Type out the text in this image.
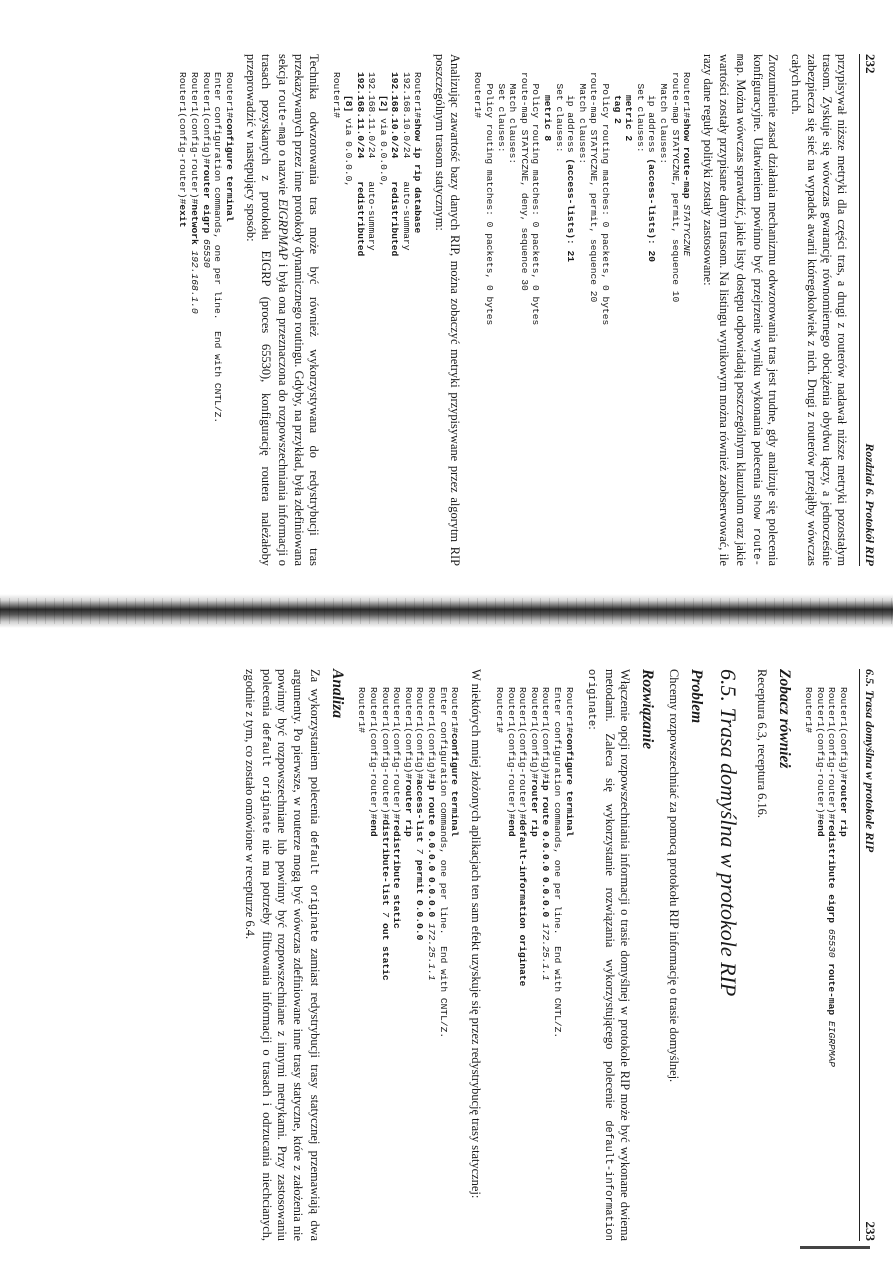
232
Rozdział 6. Protokół RIP

przypisywał niższe metryki dla części tras, a drugi z routerów nadawał niższe metryki pozostałym trasom. Zyskuje się wówczas gwarancję równomiernego obciążenia obydwu łączy, a jednocześnie zabezpiecza się sieć na wypadek awarii któregokolwiek z nich. Drugi z routerów przejąłby wówczas całych ruch.

Zrozumienie zasad działania mechanizmu odwzorowania tras jest trudne, gdy analizuje się polecenia konfiguracyjne. Ułatwieniem powinno być przejrzenie wyniku wykonania polecenia show route-map. Można wówczas sprawdzić, jakie listy dostępu odpowiadają poszczególnym klauzulom oraz jakie wartości zostały przypisane danym trasom. Na listingu wynikowym można również zaobserwować, ile razy dane reguły polityki zostały zastosowane:

Router1#show route-map STATYCZNE
route-map STATYCZNE, permit, sequence 10
Match clauses:
ip address (access-lists): 20
Set clauses:
metric 2
tag 2
Policy routing matches: 0 packets, 0 bytes
route-map STATYCZNE, permit, sequence 20
Match clauses:
ip address (access-lists): 21
Set clauses:
metric 8
Policy routing matches: 0 packets, 0 bytes
route-map STATYCZNE, deny, sequence 30
Match clauses:
Set clauses:
Policy routing matches: 0 packets, 0 bytes
Router1#

Analizując zawartość bazy danych RIP, można zobaczyć metryki przypisywane przez algorytm RIP poszczególnym trasom statycznym:

Router1#show ip rip database
192.168.10.0/24    auto-summary
192.168.10.0/24    redistributed
[2] via 0.0.0.0,
192.168.11.0/24    auto-summary
192.168.11.0/24    redistributed
[8] via 0.0.0.0,
Router1#

Technika odwzorowania tras może być również wykorzystywana do redystrybucji tras przekazywanych przez inne protokoły dynamicznego routingu. Gdyby, na przykład, była zdefiniowana sekcja route-map o nazwie EIGRPMAP i była ona przeznaczona do rozpowszechniania informacji o trasach pozyskanych z protokołu EIGRP (proces 65530), konfigurację routera należałoby przeprowadzić w następujący sposób:

Router1#configure terminal
Enter configuration commands, one per line.  End with CNTL/Z.
Router1(config)#router eigrp 65530
Router1(config-router)#network 192.168.1.0
Router1(config-router)#exit
6.5. Trasa domyślna w protokole RIP
233
Router1(config)#router rip
Router1(config-router)#redistribute eigrp 65530 route-map EIGRPMAP
Router1(config-router)#end
Router1#
Zobacz również

Receptura 6.3, receptura 6.16.

6.5. Trasa domyślna w protokole RIP
Problem

Chcemy rozpowszechniać za pomocą protokołu RIP informację o trasie domyślnej.

Rozwiązanie

Włączenie opcji rozpowszechniania informacji o trasie domyślnej w protokole RIP może być wykonane dwiema metodami. Zaleca się wykorzystanie rozwiązania wykorzystującego polecenie default-information originate:

Router1#configure terminal
Enter configuration commands, one per line.  End with CNTL/Z.
Router1(config)#ip route 0.0.0.0 0.0.0.0 172.25.1.1
Router1(config)#router rip
Router1(config-router)#default-information originate
Router1(config-router)#end
Router1#

W niektórych mniej złożonych aplikacjach ten sam efekt uzyskuje się przez redystrybucję trasy statycznej:

Router1#configure terminal
Enter configuration commands, one per line.  End with CNTL/Z.
Router1(config)#ip route 0.0.0.0 0.0.0.0 172.25.1.1
Router1(config)#access-list 7 permit 0.0.0.0
Router1(config)#router rip
Router1(config-router)#redistribute static
Router1(config-router)#distribute-list 7 out static
Router1(config-router)#end
Router1#
Analiza

Za wykorzystaniem polecenia default originate zamiast redystrybucji trasy statycznej przemawiają dwa argumenty. Po pierwsze, w routerze mogą być wówczas zdefiniowane inne trasy statyczne, które z założenia nie powinny być rozpowszechniane lub powinny być rozpowszechniane z innymi metrykami. Przy zastosowaniu polecenia default originate nie ma potrzeby filtrowania informacji o trasach i odrzucania niechcianych, zgodnie z tym, co zostało omówione w recepturze 6.4.
